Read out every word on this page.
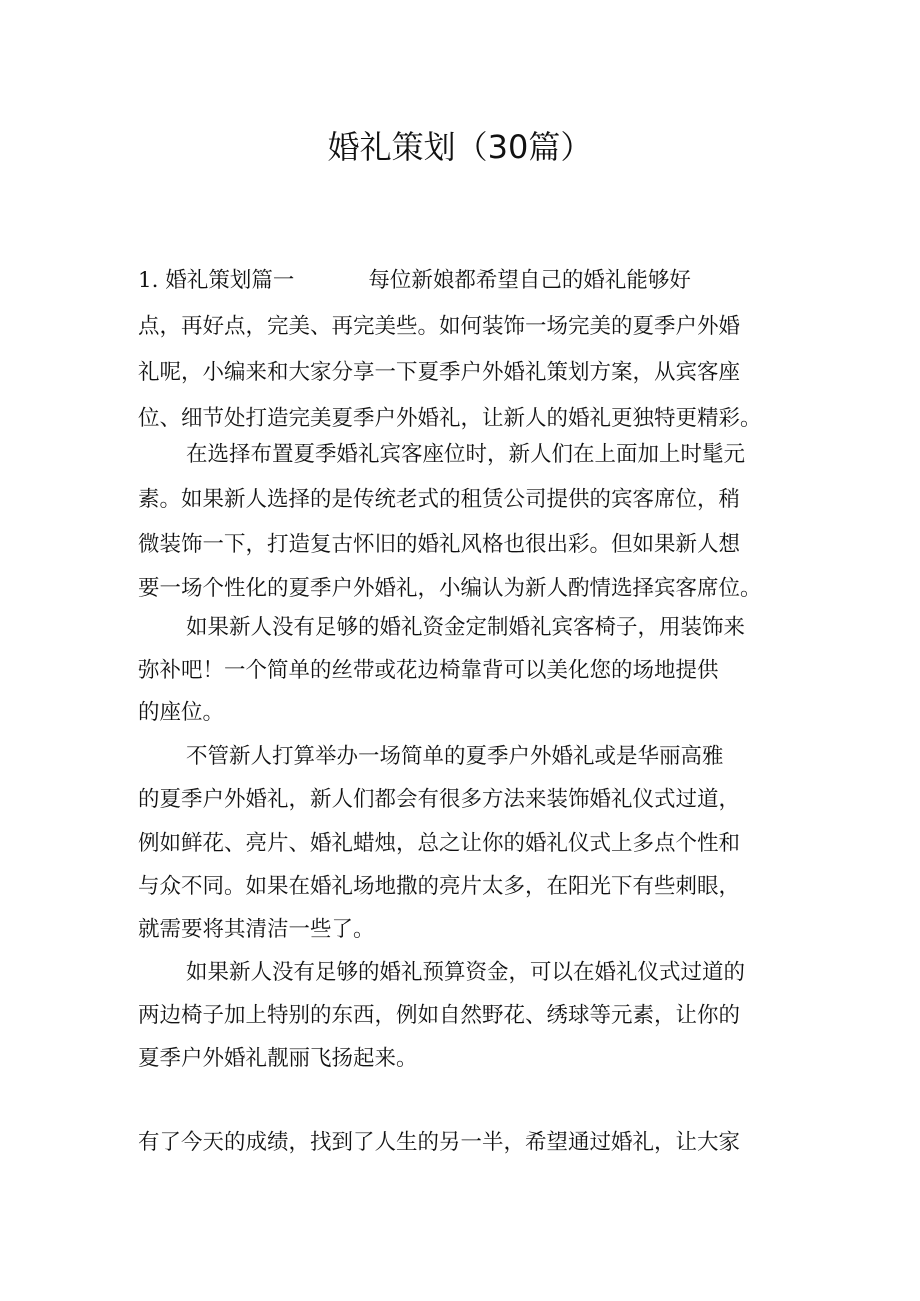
婚礼策划（30篇）
1. 婚礼策划篇一	每位新娘都希望自己的婚礼能够好
点，再好点，完美、再完美些。如何装饰一场完美的夏季户外婚
礼呢，小编来和大家分享一下夏季户外婚礼策划方案，从宾客座
位、细节处打造完美夏季户外婚礼，让新人的婚礼更独特更精彩。
在选择布置夏季婚礼宾客座位时，新人们在上面加上时髦元
素。如果新人选择的是传统老式的租赁公司提供的宾客席位，稍
微装饰一下，打造复古怀旧的婚礼风格也很出彩。但如果新人想
要一场个性化的夏季户外婚礼，小编认为新人酌情选择宾客席位。
如果新人没有足够的婚礼资金定制婚礼宾客椅子，用装饰来
弥补吧！一个简单的丝带或花边椅靠背可以美化您的场地提供
的座位。
不管新人打算举办一场简单的夏季户外婚礼或是华丽高雅
的夏季户外婚礼，新人们都会有很多方法来装饰婚礼仪式过道，
例如鲜花、亮片、婚礼蜡烛，总之让你的婚礼仪式上多点个性和
与众不同。如果在婚礼场地撒的亮片太多，在阳光下有些刺眼，
就需要将其清洁一些了。
如果新人没有足够的婚礼预算资金，可以在婚礼仪式过道的
两边椅子加上特别的东西，例如自然野花、绣球等元素，让你的
夏季户外婚礼靓丽飞扬起来。
有了今天的成绩，找到了人生的另一半，希望通过婚礼，让大家
